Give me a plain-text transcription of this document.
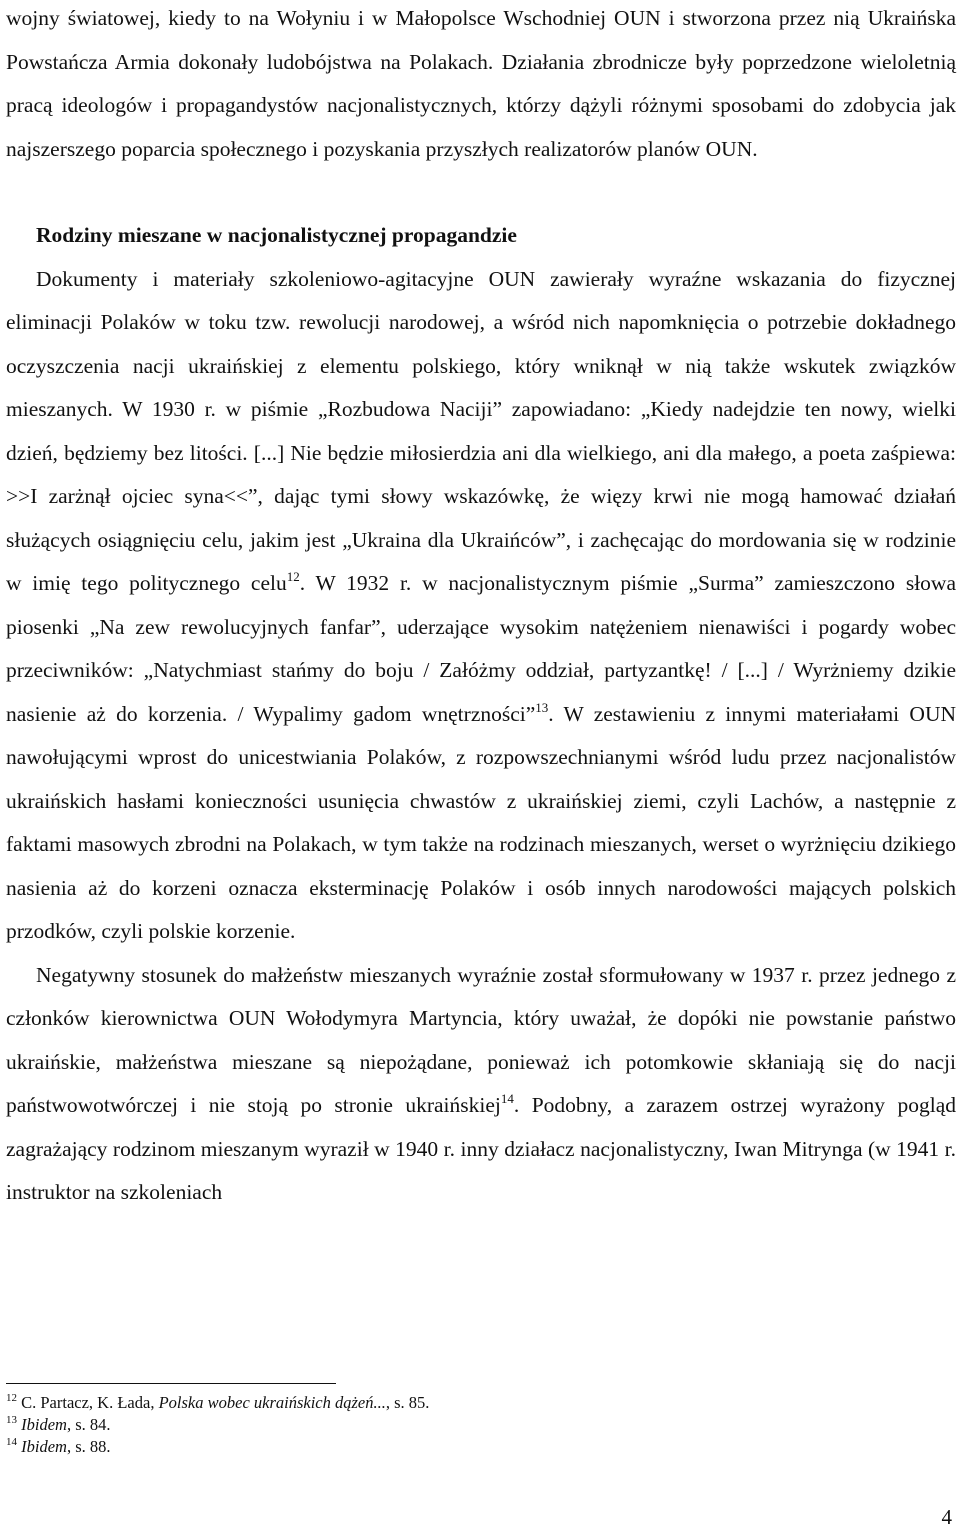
wojny światowej, kiedy to na Wołyniu i w Małopolsce Wschodniej OUN i stworzona przez nią Ukraińska Powstańcza Armia dokonały ludobójstwa na Polakach. Działania zbrodnicze były poprzedzone wieloletnią pracą ideologów i propagandystów nacjonalistycznych, którzy dążyli różnymi sposobami do zdobycia jak najszerszego poparcia społecznego i pozyskania przyszłych realizatorów planów OUN.

Rodziny mieszane w nacjonalistycznej propagandzie

Dokumenty i materiały szkoleniowo-agitacyjne OUN zawierały wyraźne wskazania do fizycznej eliminacji Polaków w toku tzw. rewolucji narodowej, a wśród nich napomknięcia o potrzebie dokładnego oczyszczenia nacji ukraińskiej z elementu polskiego, który wniknął w nią także wskutek związków mieszanych. W 1930 r. w piśmie „Rozbudowa Naciji” zapowiadano: „Kiedy nadejdzie ten nowy, wielki dzień, będziemy bez litości. [...] Nie będzie miłosierdzia ani dla wielkiego, ani dla małego, a poeta zaśpiewa: >>I zarżnął ojciec syna<<”, dając tymi słowy wskazówkę, że więzy krwi nie mogą hamować działań służących osiągnięciu celu, jakim jest „Ukraina dla Ukraińców”, i zachęcając do mordowania się w rodzinie w imię tego politycznego celu$^{12}$. W 1932 r. w nacjonalistycznym piśmie „Surma” zamieszczono słowa piosenki „Na zew rewolucyjnych fanfar”, uderzające wysokim natężeniem nienawiści i pogardy wobec przeciwników: „Natychmiast stańmy do boju / Załóżmy oddział, partyzantkę! / [...] / Wyrżniemy dzikie nasienie aż do korzenia. / Wypalimy gadom wnętrzności”$^{13}$. W zestawieniu z innymi materiałami OUN nawołującymi wprost do unicestwiania Polaków, z rozpowszechnianymi wśród ludu przez nacjonalistów ukraińskich hasłami konieczności usunięcia chwastów z ukraińskiej ziemi, czyli Lachów, a następnie z faktami masowych zbrodni na Polakach, w tym także na rodzinach mieszanych, werset o wyrżnięciu dzikiego nasienia aż do korzeni oznacza eksterminację Polaków i osób innych narodowości mających polskich przodków, czyli polskie korzenie.

Negatywny stosunek do małżeństw mieszanych wyraźnie został sformułowany w 1937 r. przez jednego z członków kierownictwa OUN Wołodymyra Martyncia, który uważał, że dopóki nie powstanie państwo ukraińskie, małżeństwa mieszane są niepożądane, ponieważ ich potomkowie skłaniają się do nacji państwowotwórczej i nie stoją po stronie ukraińskiej$^{14}$. Podobny, a zarazem ostrzej wyrażony pogląd zagrażający rodzinom mieszanym wyraził w 1940 r. inny działacz nacjonalistyczny, Iwan Mitrynga (w 1941 r. instruktor na szkoleniach

$^{12}$ C. Partacz, K. Łada, Polska wobec ukraińskich dążeń..., s. 85.

$^{13}$ Ibidem, s. 84.

$^{14}$ Ibidem, s. 88.

4
